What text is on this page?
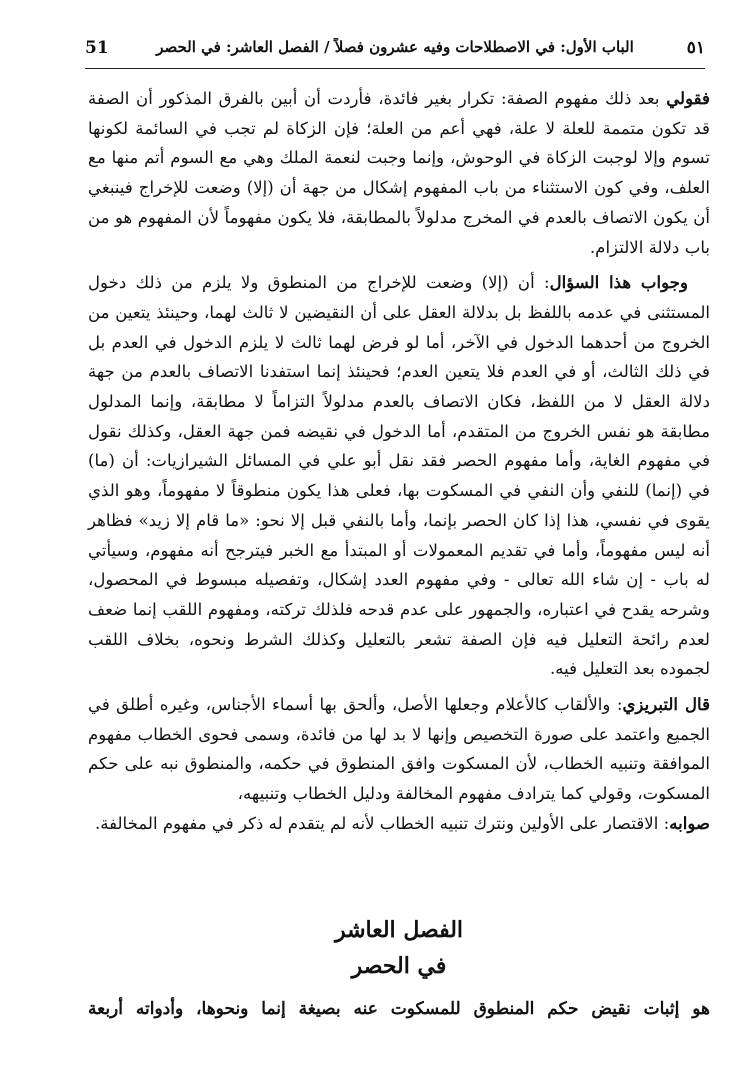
٥١
الباب الأول: في الاصطلاحات وفيه عشرون فصلاً / الفصل العاشر: في الحصر
51

فقولي بعد ذلك مفهوم الصفة: تكرار بغير فائدة، فأردت أن أبين بالفرق المذكور أن الصفة قد تكون متممة للعلة لا علة، فهي أعم من العلة؛ فإن الزكاة لم تجب في السائمة لكونها تسوم وإلا لوجبت الزكاة في الوحوش، وإنما وجبت لنعمة الملك وهي مع السوم أتم منها مع العلف، وفي كون الاستثناء من باب المفهوم إشكال من جهة أن (إلا) وضعت للإخراج فينبغي أن يكون الاتصاف بالعدم في المخرج مدلولاً بالمطابقة، فلا يكون مفهوماً لأن المفهوم هو من باب دلالة الالتزام.

وجواب هذا السؤال: أن (إلا) وضعت للإخراج من المنطوق ولا يلزم من ذلك دخول المستثنى في عدمه باللفظ بل بدلالة العقل على أن النقيضين لا ثالث لهما، وحينئذ يتعين من الخروج من أحدهما الدخول في الآخر، أما لو فرض لهما ثالث لا يلزم الدخول في العدم بل في ذلك الثالث، أو في العدم فلا يتعين العدم؛ فحينئذ إنما استفدنا الاتصاف بالعدم من جهة دلالة العقل لا من اللفظ، فكان الاتصاف بالعدم مدلولاً التزاماً لا مطابقة، وإنما المدلول مطابقة هو نفس الخروج من المتقدم، أما الدخول في نقيضه فمن جهة العقل، وكذلك نقول في مفهوم الغاية، وأما مفهوم الحصر فقد نقل أبو علي في المسائل الشيرازيات: أن (ما) في (إنما) للنفي وأن النفي في المسكوت بها، فعلى هذا يكون منطوقاً لا مفهوماً، وهو الذي يقوى في نفسي، هذا إذا كان الحصر بإنما، وأما بالنفي قبل إلا نحو: «ما قام إلا زيد» فظاهر أنه ليس مفهوماً، وأما في تقديم المعمولات أو المبتدأ مع الخبر فيترجح أنه مفهوم، وسيأتي له باب - إن شاء الله تعالى - وفي مفهوم العدد إشكال، وتفصيله مبسوط في المحصول، وشرحه يقدح في اعتباره، والجمهور على عدم قدحه فلذلك تركته، ومفهوم اللقب إنما ضعف لعدم رائحة التعليل فيه فإن الصفة تشعر بالتعليل وكذلك الشرط ونحوه، بخلاف اللقب لجموده بعد التعليل فيه.

قال التبريزي: والألقاب كالأعلام وجعلها الأصل، وألحق بها أسماء الأجناس، وغيره أطلق في الجميع واعتمد على صورة التخصيص وإنها لا بد لها من فائدة، وسمى فحوى الخطاب مفهوم الموافقة وتنبيه الخطاب، لأن المسكوت وافق المنطوق في حكمه، والمنطوق نبه على حكم المسكوت، وقولي كما يترادف مفهوم المخالفة ودليل الخطاب وتنبيهه،

صوابه: الاقتصار على الأولين ونترك تنبيه الخطاب لأنه لم يتقدم له ذكر في مفهوم المخالفة.

الفصل العاشر
في الحصر
هو إثبات نقيض حكم المنطوق للمسكوت عنه بصيغة إنما ونحوها، وأدواته أربعة
